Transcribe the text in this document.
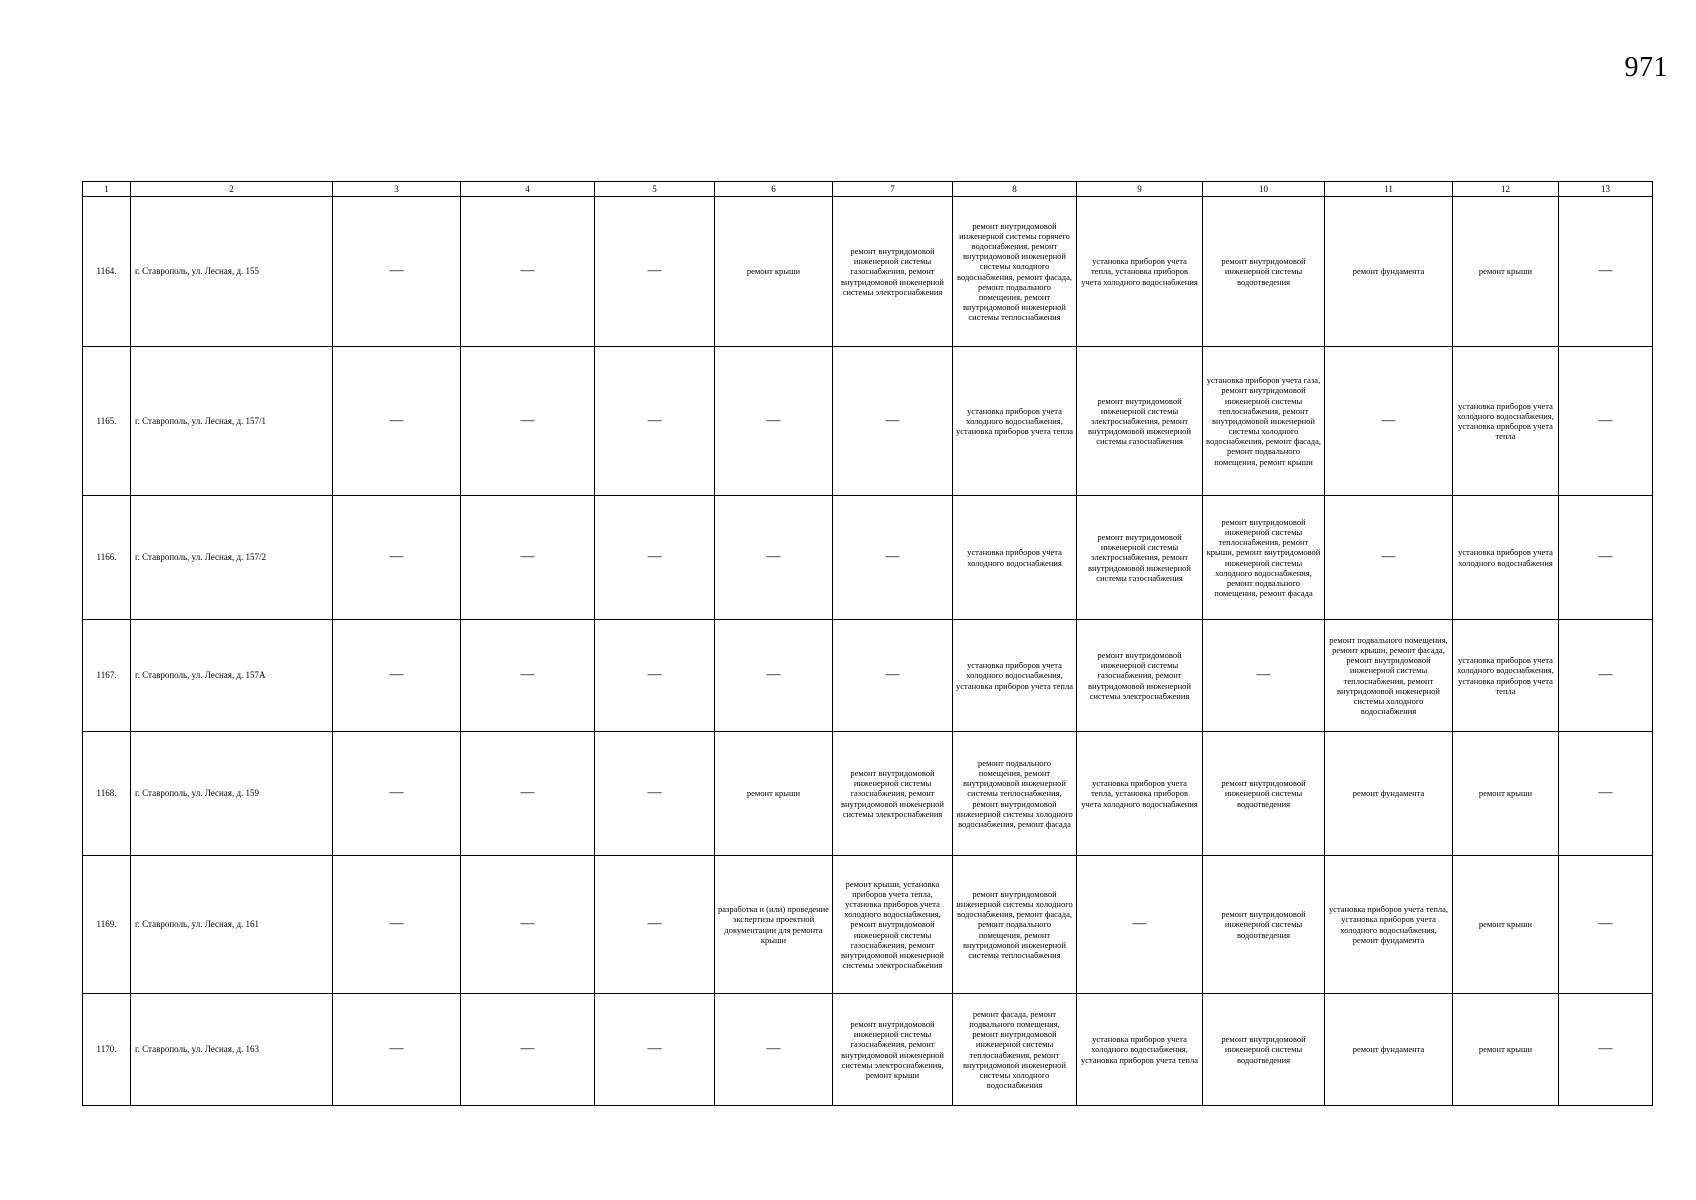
971
1	2	3	4	5	6	7	8	9	10	11	12	13
1164.	г. Ставрополь, ул. Лесная, д. 155	—	—	—	ремонт крыши	ремонт внутридомовой инженерной системы газоснабжения, ремонт внутридомовой инженерной системы электроснабжения	ремонт внутридомовой инженерной системы горячего водоснабжения, ремонт внутридомовой инженерной системы холодного водоснабжения, ремонт фасада, ремонт подвального помещения, ремонт внутридомовой инженерной системы теплоснабжения	установка приборов учета тепла, установка приборов учета холодного водоснабжения	ремонт внутридомовой инженерной системы водоотведения	ремонт фундамента	ремонт крыши	—
1165.	г. Ставрополь, ул. Лесная, д. 157/1	—	—	—	—	—	установка приборов учета холодного водоснабжения, установка приборов учета тепла	ремонт внутридомовой инженерной системы электроснабжения, ремонт внутридомовой инженерной системы газоснабжения	установка приборов учета газа, ремонт внутридомовой инженерной системы теплоснабжения, ремонт внутридомовой инженерной системы холодного водоснабжения, ремонт фасада, ремонт подвального помещения, ремонт крыши	—	установка приборов учета холодного водоснабжения, установка приборов учета тепла	—
1166.	г. Ставрополь, ул. Лесная, д. 157/2	—	—	—	—	—	установка приборов учета холодного водоснабжения	ремонт внутридомовой инженерной системы электроснабжения, ремонт внутридомовой инженерной системы газоснабжения	ремонт внутридомовой инженерной системы теплоснабжения, ремонт крыши, ремонт внутридомовой инженерной системы холодного водоснабжения, ремонт подвального помещения, ремонт фасада	—	установка приборов учета холодного водоснабжения	—
1167.	г. Ставрополь, ул. Лесная, д. 157А	—	—	—	—	—	установка приборов учета холодного водоснабжения, установка приборов учета тепла	ремонт внутридомовой инженерной системы газоснабжения, ремонт внутридомовой инженерной системы электроснабжения	—	ремонт подвального помещения, ремонт крыши, ремонт фасада, ремонт внутридомовой инженерной системы теплоснабжения, ремонт внутридомовой инженерной системы холодного водоснабжения	установка приборов учета холодного водоснабжения, установка приборов учета тепла	—
1168.	г. Ставрополь, ул. Лесная, д. 159	—	—	—	ремонт крыши	ремонт внутридомовой инженерной системы газоснабжения, ремонт внутридомовой инженерной системы электроснабжения	ремонт подвального помещения, ремонт внутридомовой инженерной системы теплоснабжения, ремонт внутридомовой инженерной системы холодного водоснабжения, ремонт фасада	установка приборов учета тепла, установка приборов учета холодного водоснабжения	ремонт внутридомовой инженерной системы водоотведения	ремонт фундамента	ремонт крыши	—
1169.	г. Ставрополь, ул. Лесная, д. 161	—	—	—	разработка и (или) проведение экспертизы проектной документации для ремонта крыши	ремонт крыши, установка приборов учета тепла, установка приборов учета холодного водоснабжения, ремонт внутридомовой инженерной системы газоснабжения, ремонт внутридомовой инженерной системы электроснабжения	ремонт внутридомовой инженерной системы холодного водоснабжения, ремонт фасада, ремонт подвального помещения, ремонт внутридомовой инженерной системы теплоснабжения	—	ремонт внутридомовой инженерной системы водоотведения	установка приборов учета тепла, установка приборов учета холодного водоснабжения, ремонт фундамента	ремонт крыши	—
1170.	г. Ставрополь, ул. Лесная, д. 163	—	—	—	—	ремонт внутридомовой инженерной системы газоснабжения, ремонт внутридомовой инженерной системы электроснабжения, ремонт крыши	ремонт фасада, ремонт подвального помещения, ремонт внутридомовой инженерной системы теплоснабжения, ремонт внутридомовой инженерной системы холодного водоснабжения	установка приборов учета холодного водоснабжения, установка приборов учета тепла	ремонт внутридомовой инженерной системы водоотведения	ремонт фундамента	ремонт крыши	—
